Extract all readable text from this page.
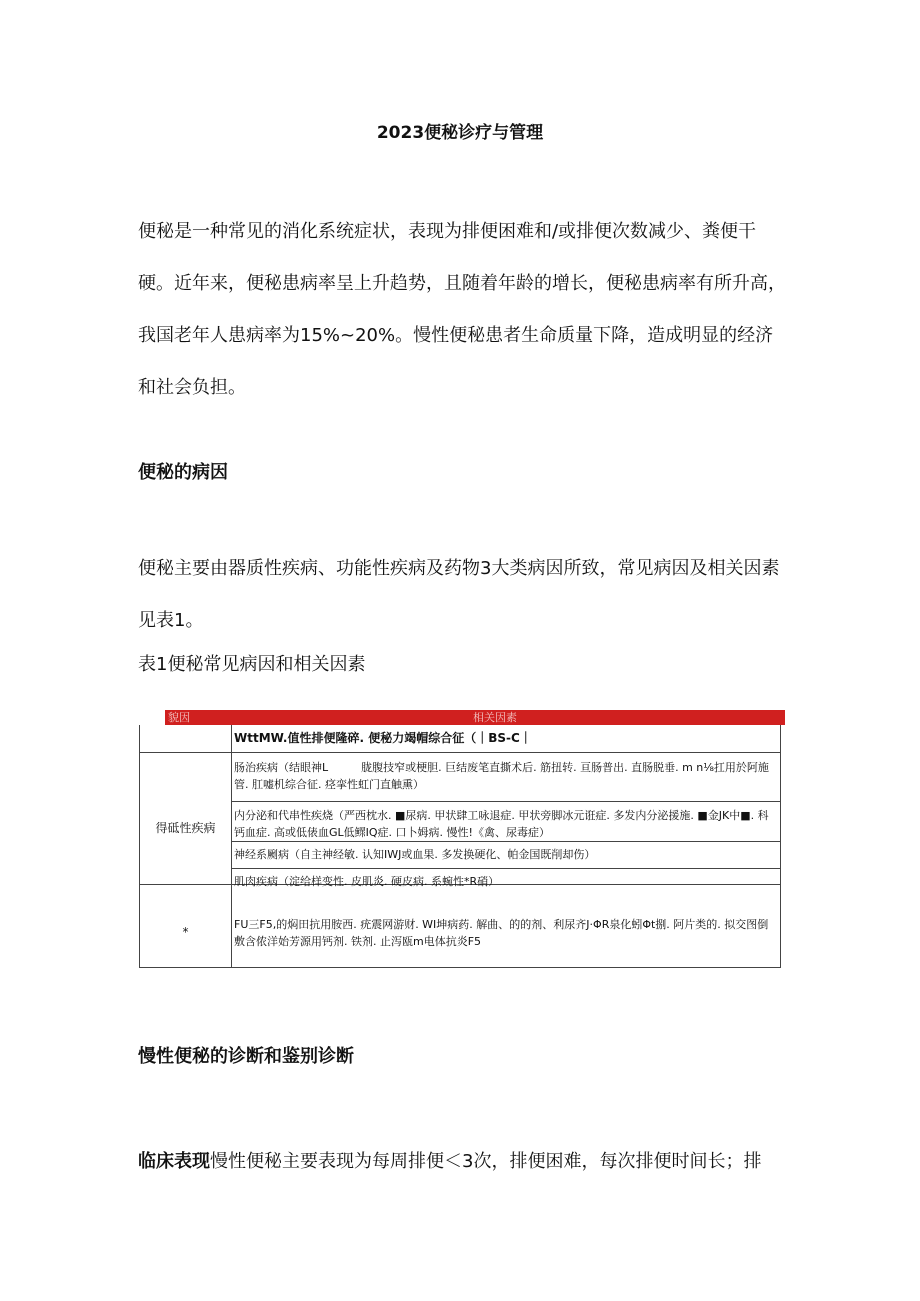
2023便秘诊疗与管理

便秘是一种常见的消化系统症状，表现为排便困难和/或排便次数减少、粪便干硬。近年来，便秘患病率呈上升趋势，且随着年龄的增长，便秘患病率有所升高，我国老年人患病率为15%~20%。慢性便秘患者生命质量下降，造成明显的经济和社会负担。

便秘的病因

便秘主要由器质性疾病、功能性疾病及药物3大类病因所致，常见病因及相关因素见表1。

表1便秘常见病因和相关因素
貌因	相关因素
WttMW.值性排便隆碎. 便秘力竭帽综合征（｜BS-C｜
肠治疾病（结眼神L　　　胧腹技窄或梗胆. 巨结废笔直撕术后. 筋扭转. 亘肠普出. 直肠脱垂. m n⅛扛用於阿施管. 肛嘘机综合征. 痉挛性虹门直触熏）
内分泌和代串性疾烧（严西枕水. ■尿病. 甲状肆工咏退症. 甲状旁脚冰元诳症. 多发内分泌援施. ■金JK中■. 科钙血症. 高或低俵血GL低鳏IQ症. 口卜姆病. 慢性!《禽、尿毒症）
神经系劂病（自主神经敏. 认知IWJ或血果. 多发换硬化、帕金国既削却伤）
肌肉疾病（淀给样变性. 皮肌炎. 硬皮病. 系蜿性*R硝）
FU三F5,的焖田抗用胺西. 疣震网游财. WI坤病药. 解曲、的的剂、利尿齐J·ΦR泉化蚓Φt捌. 阿片类的. 拟交图倒敷含侬洋始芳源用钙剂. 铁剂. 止泻瓯m电体抗炎F5
得砥性疾病
*
慢性便秘的诊断和鉴别诊断

临床表现慢性便秘主要表现为每周排便＜3次，排便困难，每次排便时间长；排
